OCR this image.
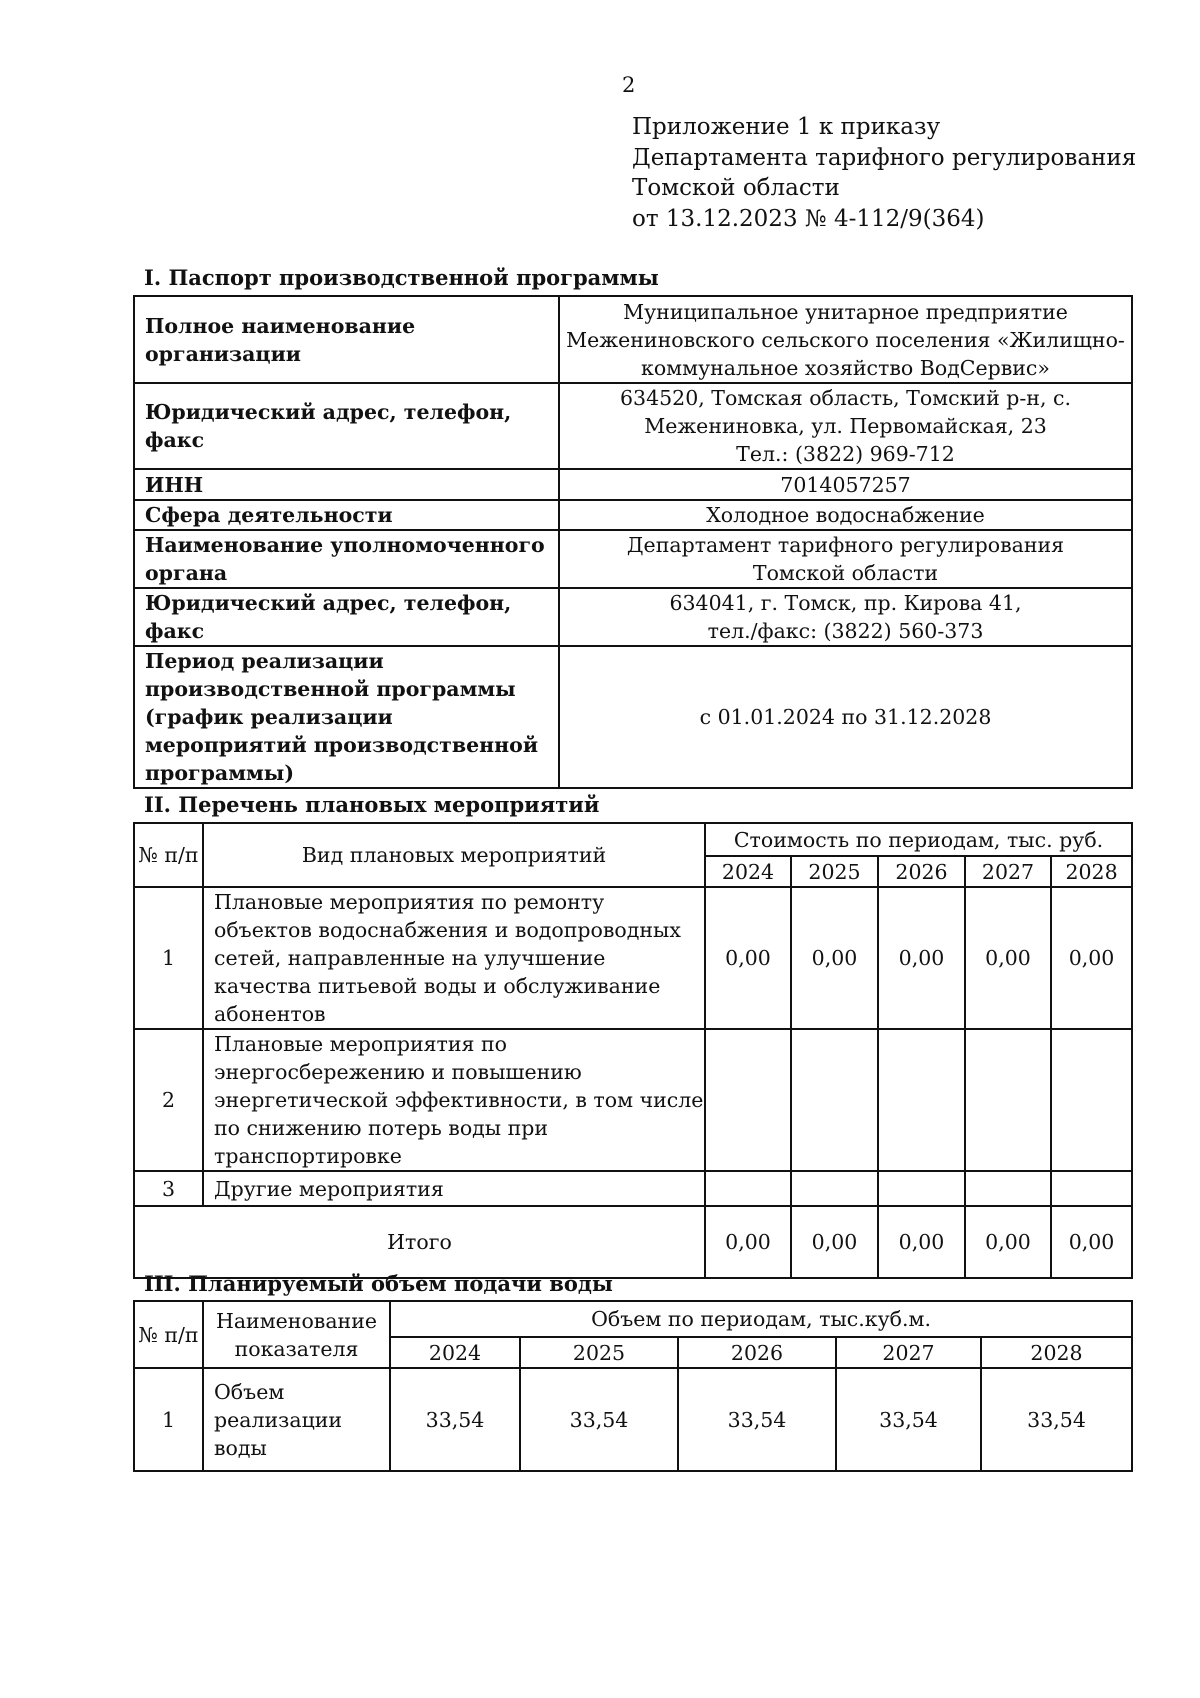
2
Приложение 1 к приказу
Департамента тарифного регулирования
Томской области
от 13.12.2023 № 4-112/9(364)
I. Паспорт производственной программы
Полное наименование организации	Муниципальное унитарное предприятие
Межениновского сельского поселения «Жилищно-
коммунальное хозяйство ВодСервис»

Юридический адрес, телефон, факс	634520, Томская область, Томский р-н, с.
Межениновка, ул. Первомайская, 23
Тел.: (3822) 969-712

ИНН	7014057257
Сфера деятельности	Холодное водоснабжение
Наименование уполномоченного органа	Департамент тарифного регулирования
Томской области

Юридический адрес, телефон, факс	634041, г. Томск, пр. Кирова 41,
тел./факс: (3822) 560-373

Период реализации производственной программы (график реализации мероприятий производственной программы)	с 01.01.2024 по 31.12.2028
II. Перечень плановых мероприятий
№ п/п	Вид плановых мероприятий	Стоимость по периодам, тыс. руб.				
		2024	2025	2026	2027	2028
1	Плановые мероприятия по ремонту объектов водоснабжения и водопроводных сетей, направленные на улучшение качества питьевой воды и обслуживание абонентов	0,00	0,00	0,00	0,00	0,00
2	Плановые мероприятия по энергосбережению и повышению энергетической эффективности, в том числе по снижению потерь воды при транспортировке					
3	Другие мероприятия					
Итого		0,00	0,00	0,00	0,00	0,00
III. Планируемый объем подачи воды
№ п/п	Наименование показателя	Объем по периодам, тыс.куб.м.				
		2024	2025	2026	2027	2028
1	Объем реализации воды	33,54	33,54	33,54	33,54	33,54
